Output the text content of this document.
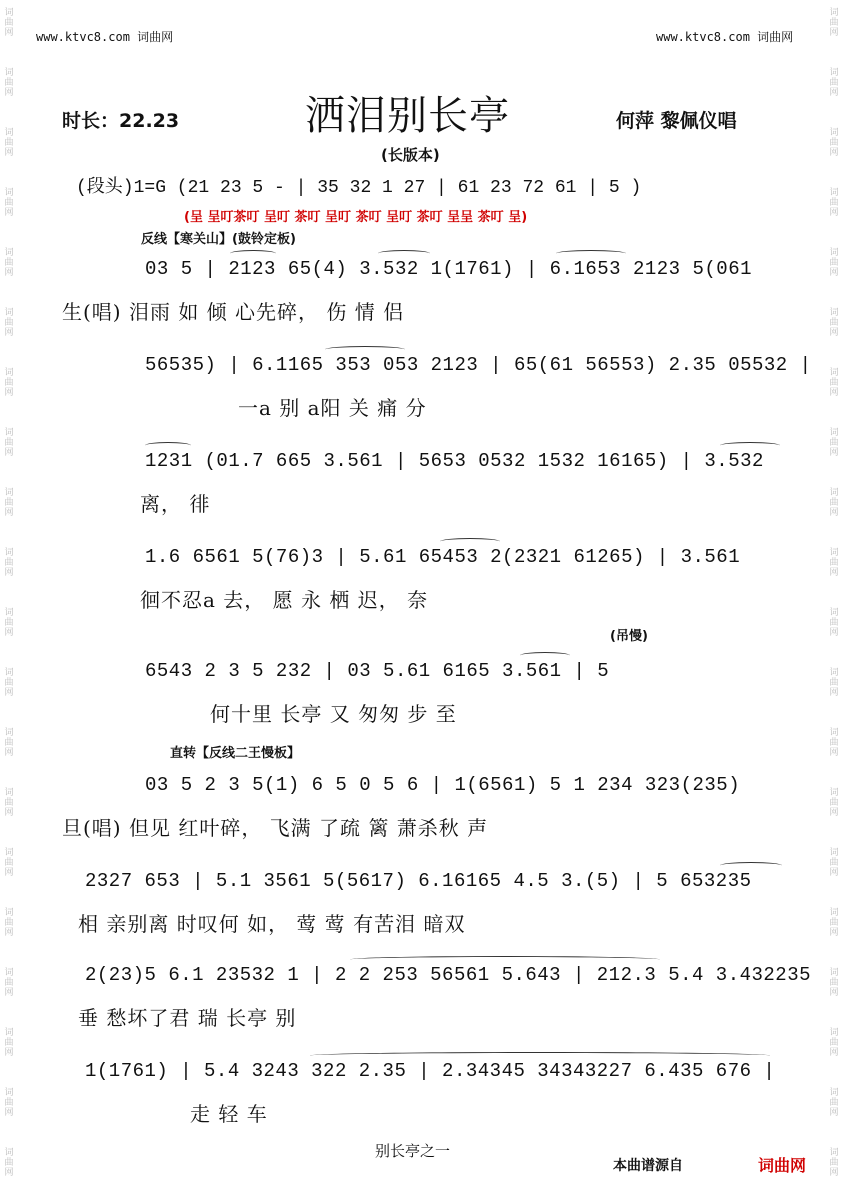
词曲网
词曲网
词曲网
词曲网
词曲网
词曲网
词曲网
词曲网
词曲网
词曲网
词曲网
词曲网
词曲网
词曲网
词曲网
词曲网
词曲网
词曲网
词曲网
词曲网
词曲网
词曲网
词曲网
词曲网
词曲网
词曲网
词曲网
词曲网
词曲网
词曲网
词曲网
词曲网
词曲网
词曲网
词曲网
词曲网
词曲网
词曲网
词曲网
词曲网
www.ktvc8.com 词曲网	www.ktvc8.com 词曲网
时长：22.23	洒泪别长亭	何萍 黎佩仪唱
(长版本)
(段头)1=G (21 23 5 - | 35 32 1 27 | 61 23 72 61 | 5 )
(呈 呈叮茶叮 呈叮 茶叮 呈叮 茶叮 呈叮 茶叮 呈呈 茶叮 呈)
反线【寒关山】(鼓铃定板)
03 5 | 2123 65(4) 3.532 1(1761) | 6.1653 2123 5(061
生(唱) 泪雨 如 倾 心先碎， 伤 情 侣
56535) | 6.1165 353 053 2123 | 65(61 56553) 2.35 05532 |
一a 别 a阳 关 痛 分
1231 (01.7 665 3.561 | 5653 0532 1532 16165) | 3.532
离， 徘
1.6 6561 5(76)3 | 5.61 65453 2(2321 61265) | 3.561
徊不忍a 去， 愿 永 栖 迟， 奈
(吊慢)
6543 2 3 5 232 | 03 5.61 6165 3.561 | 5
何十里 长亭 又 匆匆 步 至
直转【反线二王慢板】
03 5 2 3 5(1) 6 5 0 5 6 | 1(6561) 5 1 234 323(235)
旦(唱) 但见 红叶碎， 飞满 了疏 篱 萧杀秋 声
2327 653 | 5.1 3561 5(5617) 6.16165 4.5 3.(5) | 5 653235
相 亲别离 时叹何 如， 莺 莺 有苦泪 暗双
2(23)5 6.1 23532 1 | 2 2 253 56561 5.643 | 212.3 5.4 3.432235
垂 愁坏了君 瑞 长亭 别
1(1761) | 5.4 3243 322 2.35 | 2.34345 34343227 6.435 676 |
走 轻 车
别长亭之一
本曲谱源自	词曲网
